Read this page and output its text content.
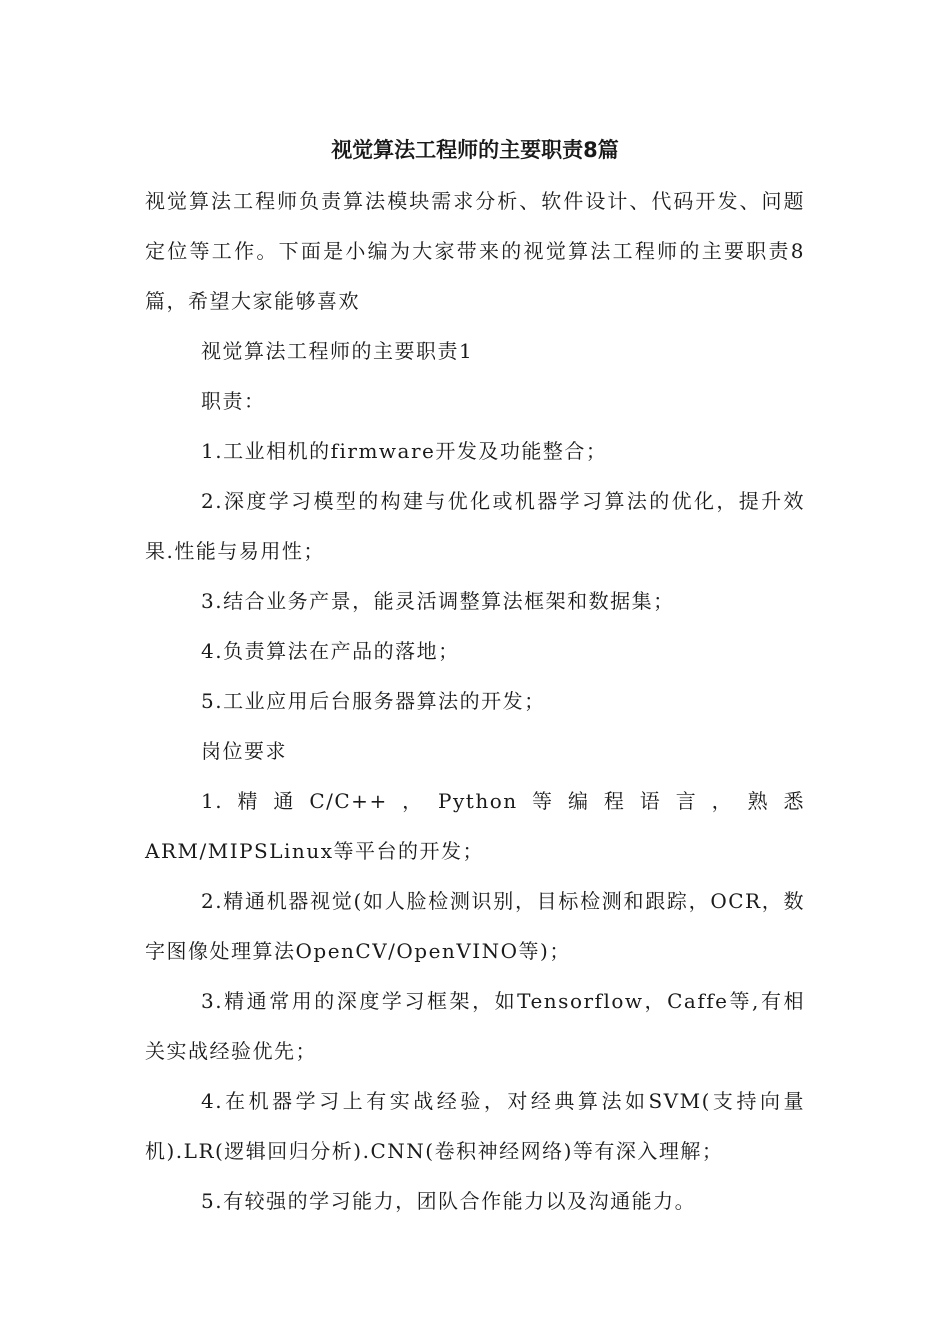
视觉算法工程师的主要职责8篇

视觉算法工程师负责算法模块需求分析、软件设计、代码开发、问题定位等工作。下面是小编为大家带来的视觉算法工程师的主要职责8篇，希望大家能够喜欢

视觉算法工程师的主要职责1

职责：

1.工业相机的firmware开发及功能整合；

2.深度学习模型的构建与优化或机器学习算法的优化，提升效果.性能与易用性；

3.结合业务产景，能灵活调整算法框架和数据集；

4.负责算法在产品的落地；

5.工业应用后台服务器算法的开发；

岗位要求

1.精通C/C++，Python等编程语言，熟悉ARM/MIPSLinux等平台的开发；

2.精通机器视觉(如人脸检测识别，目标检测和跟踪，OCR，数字图像处理算法OpenCV/OpenVINO等)；

3.精通常用的深度学习框架，如Tensorflow，Caffe等,有相关实战经验优先；

4.在机器学习上有实战经验，对经典算法如SVM(支持向量机).LR(逻辑回归分析).CNN(卷积神经网络)等有深入理解；

5.有较强的学习能力，团队合作能力以及沟通能力。
